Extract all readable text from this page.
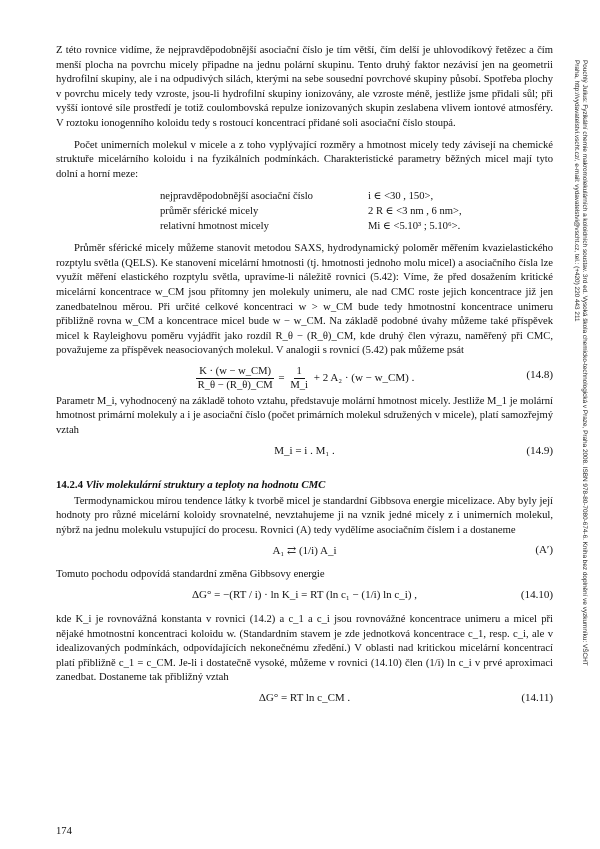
Z této rovnice vidíme, že nejpravděpodobnější asociační číslo je tím větší, čím delší je uhlovodíkový řetězec a čím menší plocha na povrchu micely připadne na jednu polární skupinu. Tento druhý faktor nezávisí jen na geometrii hydrofilní skupiny, ale i na odpudivých silách, kterými na sebe sousední povrchové skupiny působí. Spotřeba plochy v povrchu micely tedy vzroste, jsou-li hydrofilní skupiny ionizovány, ale vzroste méně, jestliže jsme přidali sůl; při vyšší iontové síle prostředí je totiž coulombovská repulze ionizovaných skupin zeslabena vlivem iontové atmosféry. V roztoku ionogenního koloidu tedy s rostoucí koncentrací přidané soli asociační číslo stoupá.

Počet unimerních molekul v micele a z toho vyplývající rozměry a hmotnost micely tedy závisejí na chemické struktuře micelárního koloidu i na fyzikálních podmínkách. Charakteristické parametry běžných micel mají tyto dolní a horní meze:

nejpravděpodobnější asociační číslo	i ∈ <30 , 150>,
průměr sférické micely	2 R ∈ <3 nm , 6 nm>,
relativní hmotnost micely	Mi ∈ <5.10³ ; 5.10⁶>.

Průměr sférické micely můžeme stanovit metodou SAXS, hydrodynamický poloměr měřením kvazielastického rozptylu světla (QELS). Ke stanovení micelární hmotnosti (tj. hmotnosti jednoho molu micel) a asociačního čísla lze využít měření elastického rozptylu světla, upravíme-li náležitě rovnici (5.42): Víme, že před dosažením kritické micelární koncentrace w_CM jsou přítomny jen molekuly unimeru, ale nad CMC roste jejich koncentrace již jen zanedbatelnou měrou. Při určité celkové koncentraci w > w_CM bude tedy hmotnostní koncentrace unimeru přibližně rovna w_CM a koncentrace micel bude w − w_CM. Na základě podobné úvahy můžeme také příspěvek micel k Rayleighovu poměru vyjádřit jako rozdíl R_θ − (R_θ)_CM, kde druhý člen výrazu, naměřený při CMC, považujeme za příspěvek neasociovaných molekul. V analogii s rovnicí (5.42) pak můžeme psát

$\frac{K \cdot (w - w\_CM)}{R\_\theta - (R\_\theta)\_CM} = \frac{1}{M\_i} + 2$ A₂ · (w − w_CM) .	(14.8)

Parametr M_i, vyhodnocený na základě tohoto vztahu, představuje molární hmotnost micely. Jestliže M_1 je molární hmotnost primární molekuly a i je asociační číslo (počet primárních molekul sdružených v micele), platí samozřejmý vztah

M_i = i . M₁ .	(14.9)
14.2.4 Vliv molekulární struktury a teploty na hodnotu CMC

Termodynamickou mírou tendence látky k tvorbě micel je standardní Gibbsova energie micelizace. Aby byly její hodnoty pro různé micelární koloidy srovnatelné, nevztahujeme ji na vznik jedné micely z i unimerních molekul, nýbrž na jednu molekulu vstupující do procesu. Rovnici (A) tedy vydělíme asociačním číslem i a dostaneme

A₁ ⇄ (1/i) A_i	(A′)

Tomuto pochodu odpovídá standardní změna Gibbsovy energie

ΔG° = −(RT / i) · ln K_i = RT (ln c₁ − (1/i) ln c_i) ,	(14.10)

kde K_i je rovnovážná konstanta v rovnici (14.2) a c_1 a c_i jsou rovnovážné koncentrace unimeru a micel při nějaké hmotnostní koncentraci koloidu w. (Standardním stavem je zde jednotková koncentrace c_1, resp. c_i, ale v idealizovaných podmínkách, odpovídajících nekonečnému zředění.) V oblasti nad kritickou micelární koncentrací platí přibližně c_1 = c_CM. Je-li i dostatečně vysoké, můžeme v rovnici (14.10) člen (1/i) ln c_i v prvé aproximaci zanedbat. Dostaneme tak přibližný vztah

ΔG° = RT ln c_CM .	(14.11)
174
Pouchlý Julius: Fyzikální chemie makromolekulárních a koloidních soustav. 3rd ed. Vysoká škola chemicko-technologická v Praze, Praha 2008. ISBN 978-80-7080-674-6. Kniha bez doplnění ve vyzkumníku: VŠCHT Praha, http://vydavatelstvi.vscht.cz/, e-mail: vydavatelstvi@vscht.cz, tel.: (+420) 220 443 211
